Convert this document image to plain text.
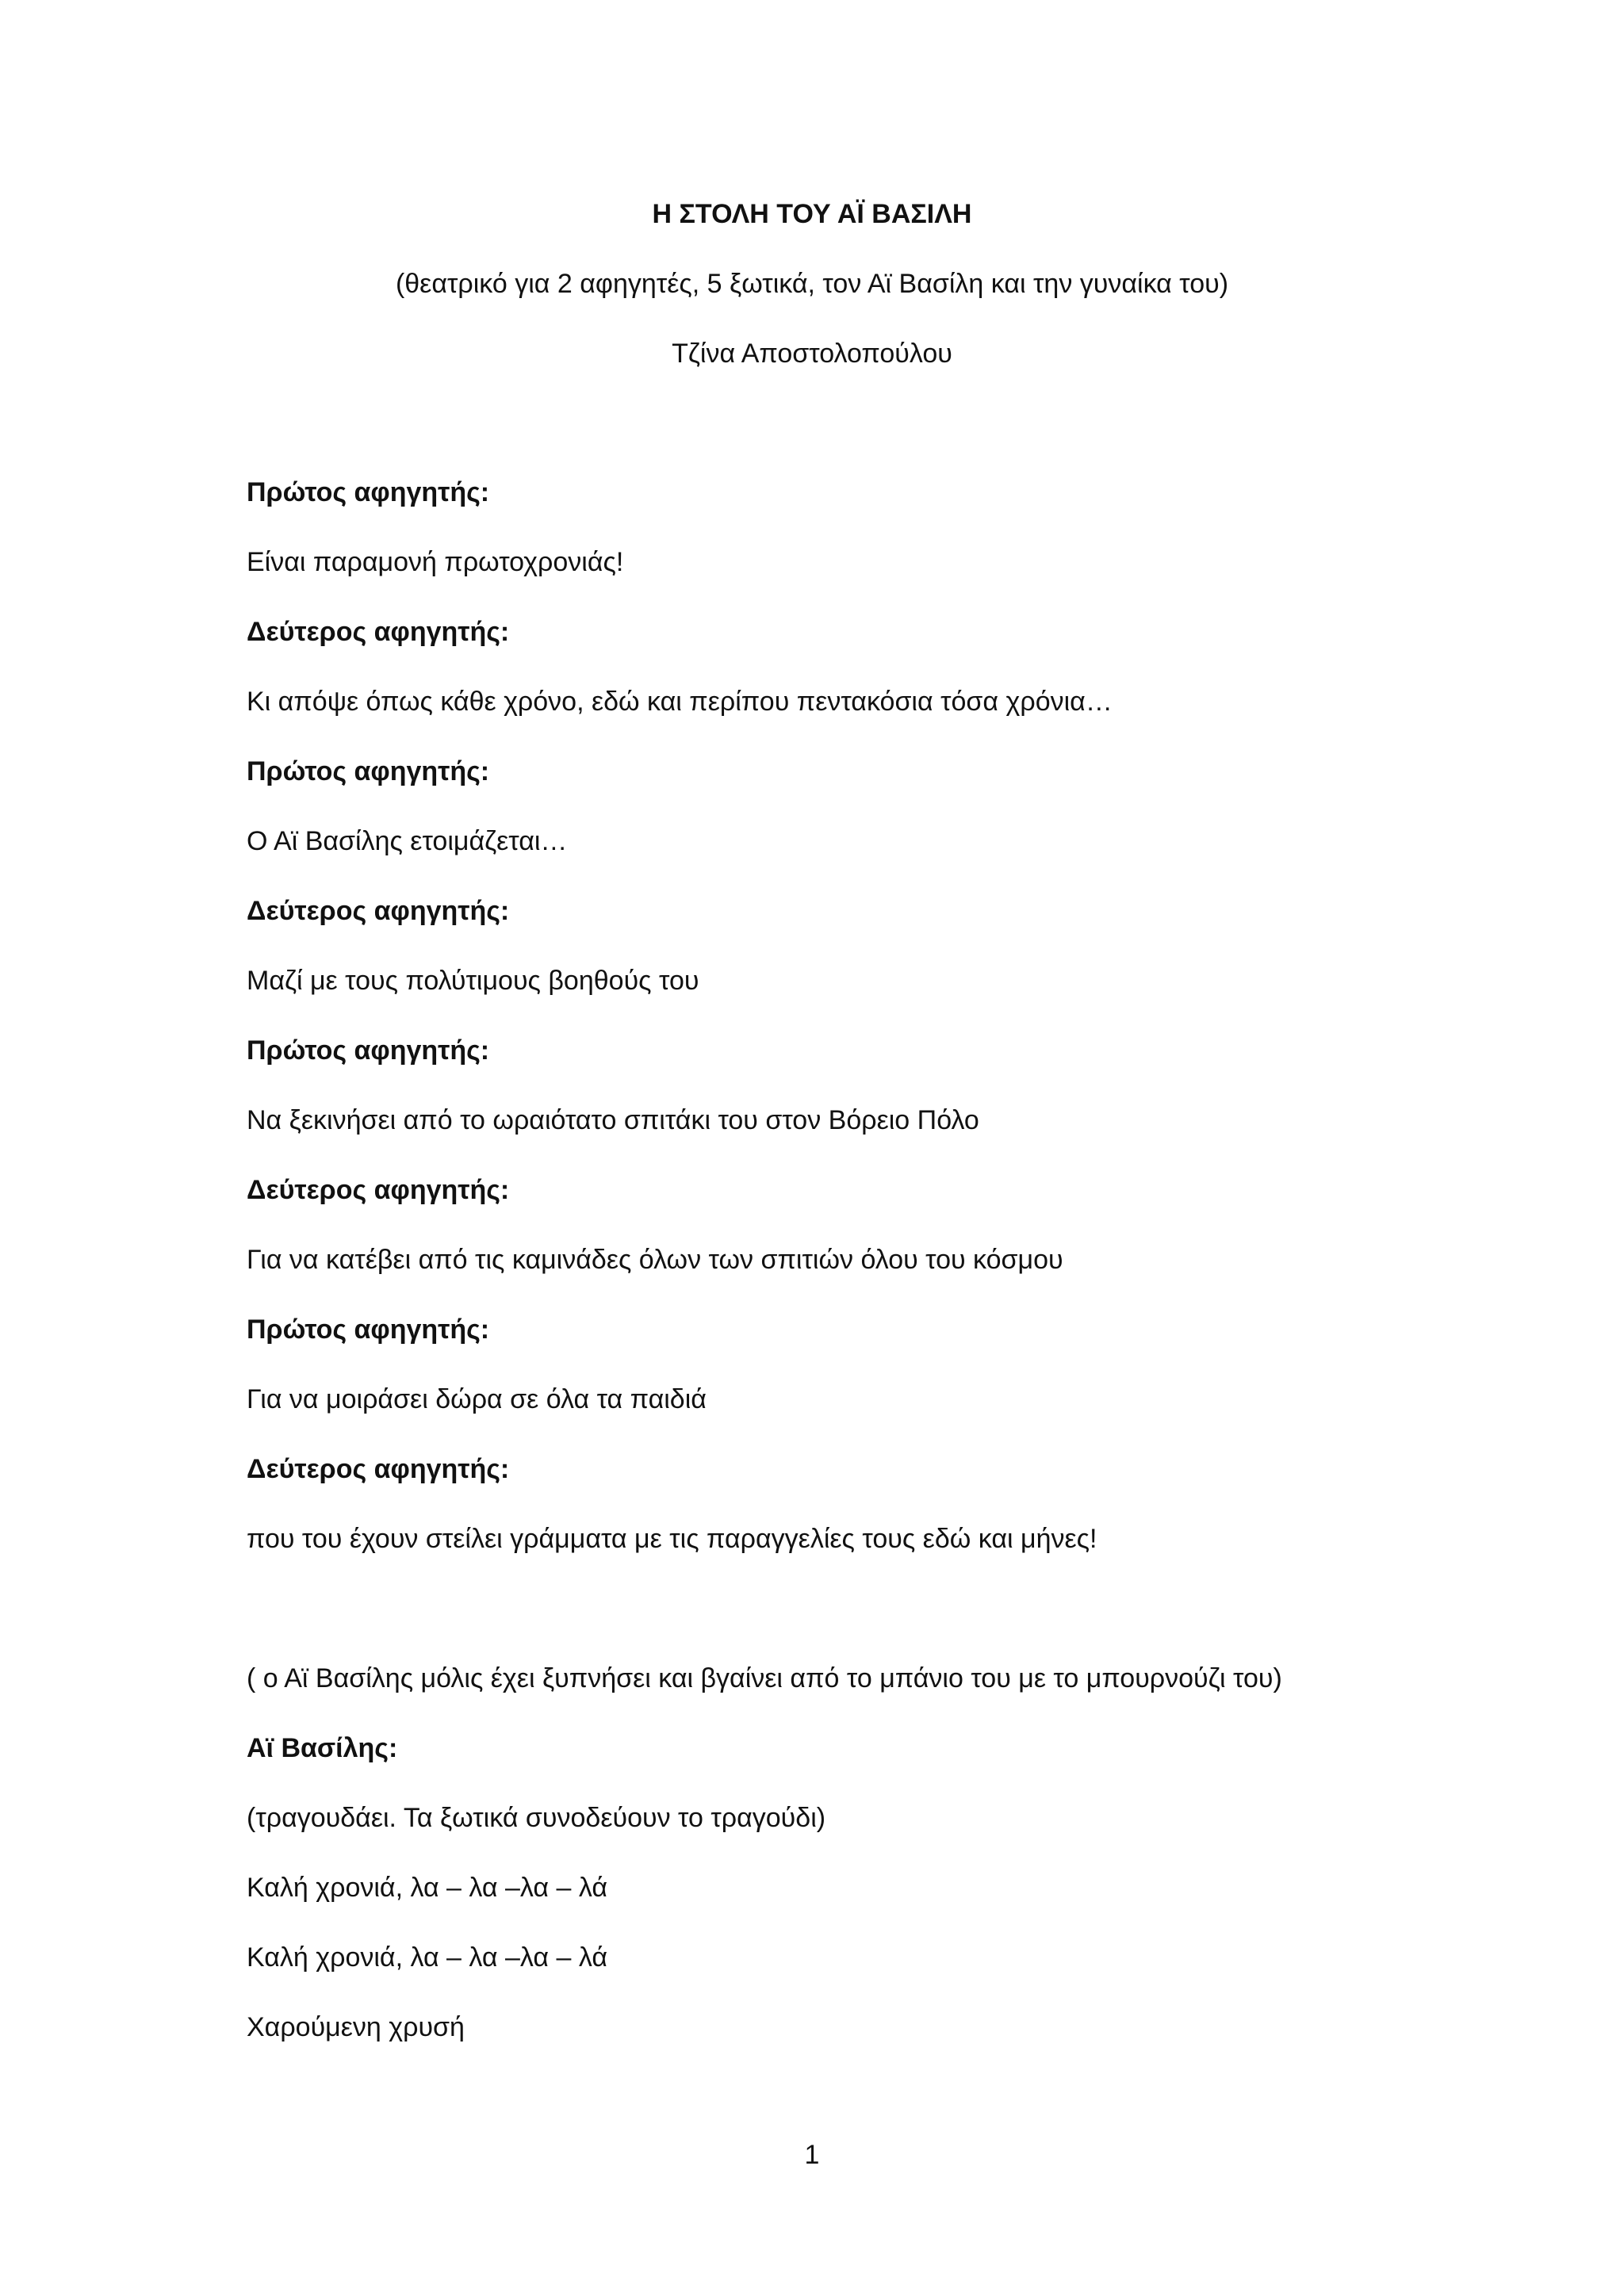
Η ΣΤΟΛΗ ΤΟΥ ΑΪ ΒΑΣΙΛΗ
(θεατρικό για 2 αφηγητές, 5 ξωτικά, τον Αϊ Βασίλη και την γυναίκα του)
Τζίνα Αποστολοπούλου
Πρώτος αφηγητής:
Είναι παραμονή πρωτοχρονιάς!
Δεύτερος αφηγητής:
Κι απόψε όπως κάθε χρόνο, εδώ και περίπου πεντακόσια τόσα χρόνια…
Πρώτος αφηγητής:
Ο Αϊ Βασίλης ετοιμάζεται…
Δεύτερος αφηγητής:
Μαζί με τους πολύτιμους βοηθούς του
Πρώτος αφηγητής:
Να ξεκινήσει από το ωραιότατο σπιτάκι του στον Βόρειο Πόλο
Δεύτερος αφηγητής:
Για να κατέβει από τις καμινάδες όλων των σπιτιών όλου του κόσμου
Πρώτος αφηγητής:
Για να μοιράσει δώρα σε όλα τα παιδιά
Δεύτερος αφηγητής:
που του έχουν στείλει γράμματα με τις παραγγελίες τους εδώ και μήνες!
( ο Αϊ Βασίλης μόλις έχει ξυπνήσει και βγαίνει από το μπάνιο του με το μπουρνούζι του)
Αϊ Βασίλης:
(τραγουδάει. Τα ξωτικά συνοδεύουν το τραγούδι)
Καλή χρονιά, λα – λα –λα – λά
Καλή χρονιά, λα – λα –λα – λά
Χαρούμενη χρυσή
1
